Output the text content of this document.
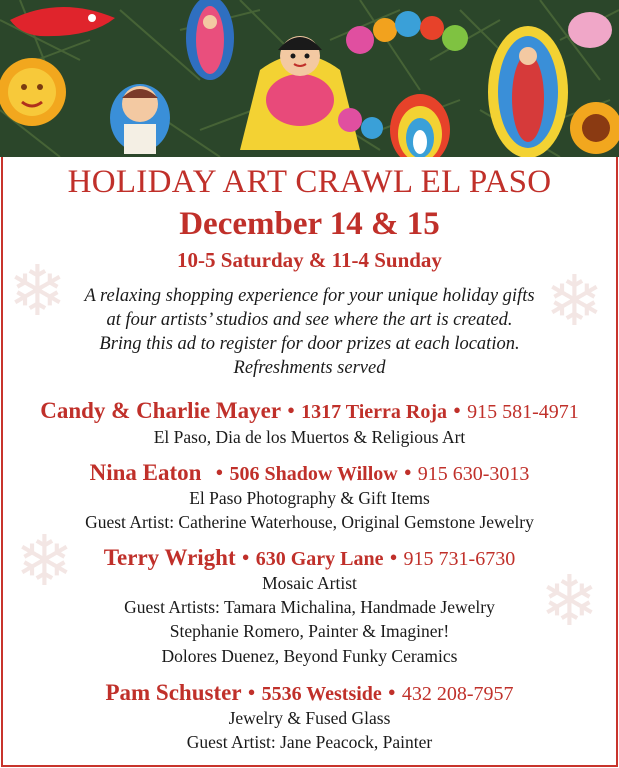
❄	❄
❄	❄
HOLIDAY ART CRAWL EL PASO
December 14 & 15
10-5 Saturday & 11-4 Sunday
A relaxing shopping experience for your unique holiday gifts
at four artists’ studios and see where the art is created.
Bring this ad to register for door prizes at each location.
Refreshments served
Candy & Charlie Mayer • 1317 Tierra Roja • 915 581-4971
El Paso, Dia de los Muertos & Religious Art
Nina Eaton • 506 Shadow Willow • 915 630-3013
El Paso Photography & Gift Items
Guest Artist: Catherine Waterhouse, Original Gemstone Jewelry
Terry Wright • 630 Gary Lane • 915 731-6730
Mosaic Artist
Guest Artists: Tamara Michalina, Handmade Jewelry
Stephanie Romero, Painter & Imaginer!
Dolores Duenez, Beyond Funky Ceramics
Pam Schuster • 5536 Westside • 432 208-7957
Jewelry & Fused Glass
Guest Artist: Jane Peacock, Painter
